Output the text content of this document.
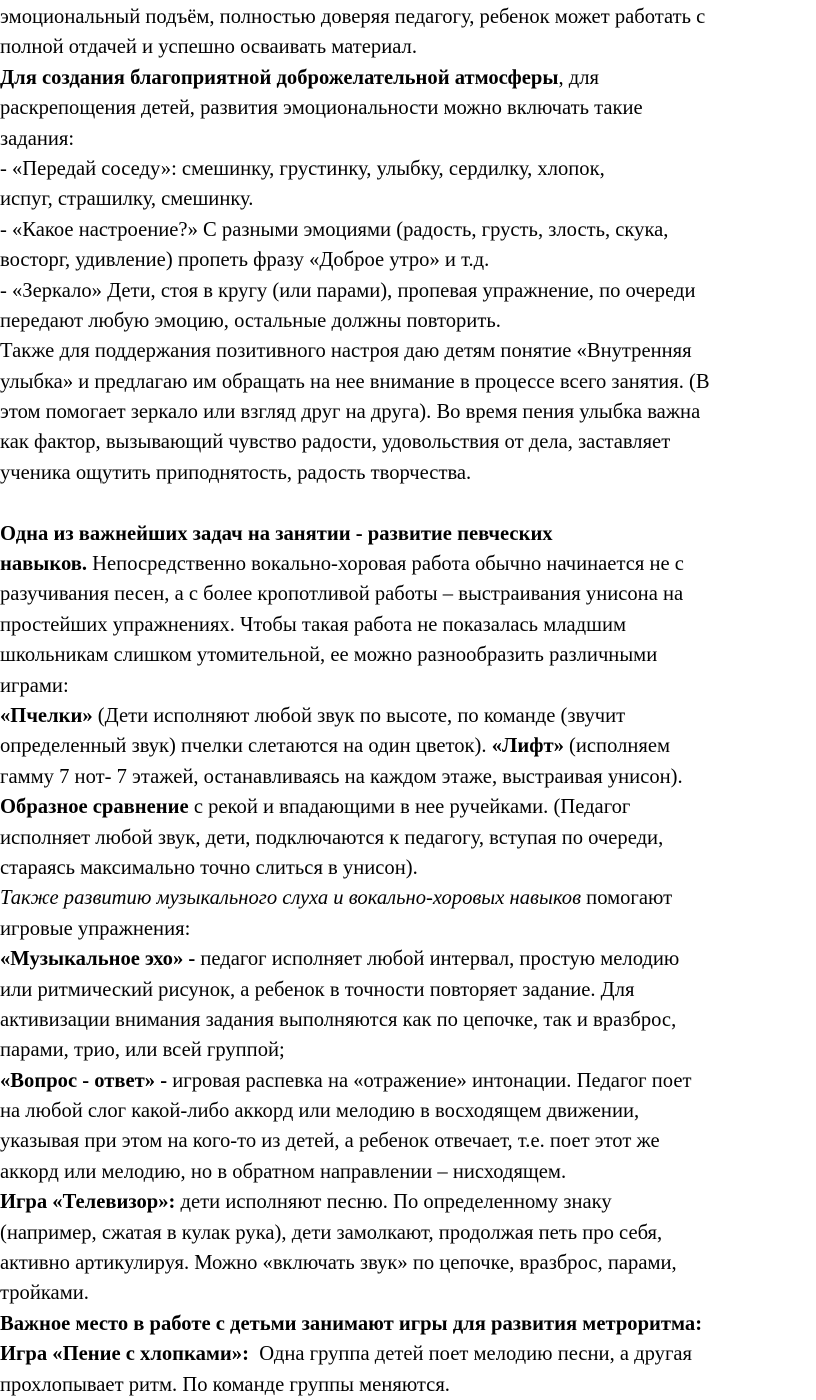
эмоциональный подъём, полностью доверяя педагогу, ребенок может работать с
полной отдачей и успешно осваивать материал.
Для создания благоприятной доброжелательной атмосферы, для
раскрепощения детей, развития эмоциональности можно включать такие
задания:
- «Передай соседу»: смешинку, грустинку, улыбку, сердилку, хлопок,
испуг, страшилку, смешинку.
- «Какое настроение?» С разными эмоциями (радость, грусть, злость, скука,
восторг, удивление) пропеть фразу «Доброе утро» и т.д.
- «Зеркало» Дети, стоя в кругу (или парами), пропевая упражнение, по очереди
передают любую эмоцию, остальные должны повторить.
Также для поддержания позитивного настроя даю детям понятие «Внутренняя
улыбка» и предлагаю им обращать на нее внимание в процессе всего занятия. (В
этом помогает зеркало или взгляд друг на друга). Во время пения улыбка важна
как фактор, вызывающий чувство радости, удовольствия от дела, заставляет
ученика ощутить приподнятость, радость творчества.
Одна из важнейших задач на занятии - развитие певческих
навыков. Непосредственно вокально-хоровая работа обычно начинается не с
разучивания песен, а с более кропотливой работы – выстраивания унисона на
простейших упражнениях. Чтобы такая работа не показалась младшим
школьникам слишком утомительной, ее можно разнообразить различными
играми:
«Пчелки» (Дети исполняют любой звук по высоте, по команде (звучит
определенный звук) пчелки слетаются на один цветок). «Лифт» (исполняем
гамму 7 нот- 7 этажей, останавливаясь на каждом этаже, выстраивая унисон).
Образное сравнение с рекой и впадающими в нее ручейками. (Педагог
исполняет любой звук, дети, подключаются к педагогу, вступая по очереди,
стараясь максимально точно слиться в унисон).
Также развитию музыкального слуха и вокально-хоровых навыков помогают
игровые упражнения:
«Музыкальное эхо» - педагог исполняет любой интервал, простую мелодию
или ритмический рисунок, а ребенок в точности повторяет задание. Для
активизации внимания задания выполняются как по цепочке, так и вразброс,
парами, трио, или всей группой;
«Вопрос - ответ» - игровая распевка на «отражение» интонации. Педагог поет
на любой слог какой-либо аккорд или мелодию в восходящем движении,
указывая при этом на кого-то из детей, а ребенок отвечает, т.е. поет этот же
аккорд или мелодию, но в обратном направлении – нисходящем.
Игра «Телевизор»: дети исполняют песню. По определенному знаку
(например, сжатая в кулак рука), дети замолкают, продолжая петь про себя,
активно артикулируя. Можно «включать звук» по цепочке, вразброс, парами,
тройками.
Важное место в работе с детьми занимают игры для развития метроритма:
Игра «Пение с хлопками»:  Одна группа детей поет мелодию песни, а другая
прохлопывает ритм. По команде группы меняются.
